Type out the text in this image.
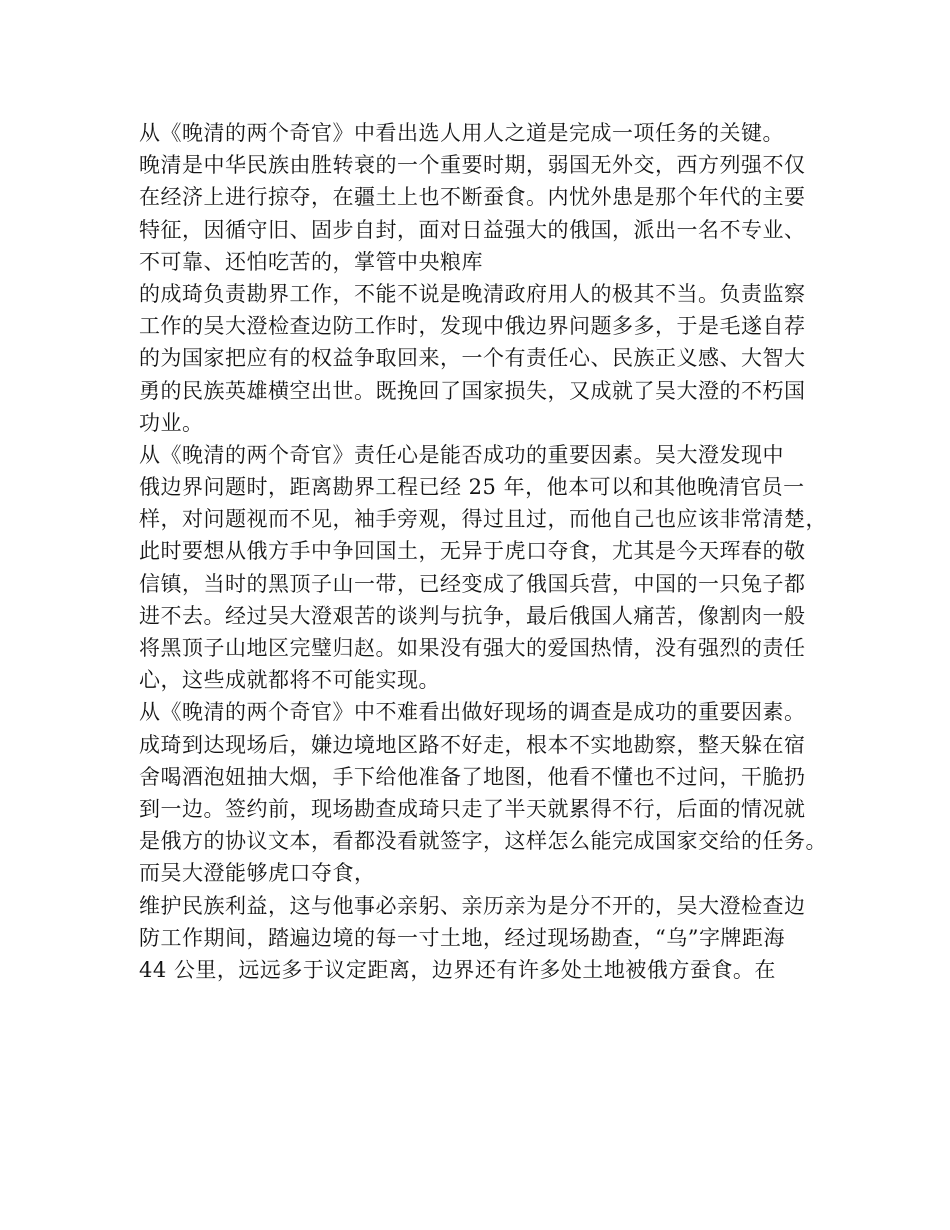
从《晚清的两个奇官》中看出选人用人之道是完成一项任务的关键。
晚清是中华民族由胜转衰的一个重要时期，弱国无外交，西方列强不仅
在经济上进行掠夺，在疆土上也不断蚕食。内忧外患是那个年代的主要
特征，因循守旧、固步自封，面对日益强大的俄国，派出一名不专业、
不可靠、还怕吃苦的，掌管中央粮库
的成琦负责勘界工作，不能不说是晚清政府用人的极其不当。负责监察
工作的吴大澄检查边防工作时，发现中俄边界问题多多，于是毛遂自荐
的为国家把应有的权益争取回来，一个有责任心、民族正义感、大智大
勇的民族英雄横空出世。既挽回了国家损失，又成就了吴大澄的不朽国
功业。
从《晚清的两个奇官》责任心是能否成功的重要因素。吴大澄发现中
俄边界问题时，距离勘界工程已经 25 年，他本可以和其他晚清官员一
样，对问题视而不见，袖手旁观，得过且过，而他自己也应该非常清楚，
此时要想从俄方手中争回国土，无异于虎口夺食，尤其是今天珲春的敬
信镇，当时的黑顶子山一带，已经变成了俄国兵营，中国的一只兔子都
进不去。经过吴大澄艰苦的谈判与抗争，最后俄国人痛苦，像割肉一般
将黑顶子山地区完璧归赵。如果没有强大的爱国热情，没有强烈的责任
心，这些成就都将不可能实现。
从《晚清的两个奇官》中不难看出做好现场的调查是成功的重要因素。
成琦到达现场后，嫌边境地区路不好走，根本不实地勘察，整天躲在宿
舍喝酒泡妞抽大烟，手下给他准备了地图，他看不懂也不过问，干脆扔
到一边。签约前，现场勘查成琦只走了半天就累得不行，后面的情况就
是俄方的协议文本，看都没看就签字，这样怎么能完成国家交给的任务。
而吴大澄能够虎口夺食，
维护民族利益，这与他事必亲躬、亲历亲为是分不开的，吴大澄检查边
防工作期间，踏遍边境的每一寸土地，经过现场勘查，“乌”字牌距海
44 公里，远远多于议定距离，边界还有许多处土地被俄方蚕食。在
